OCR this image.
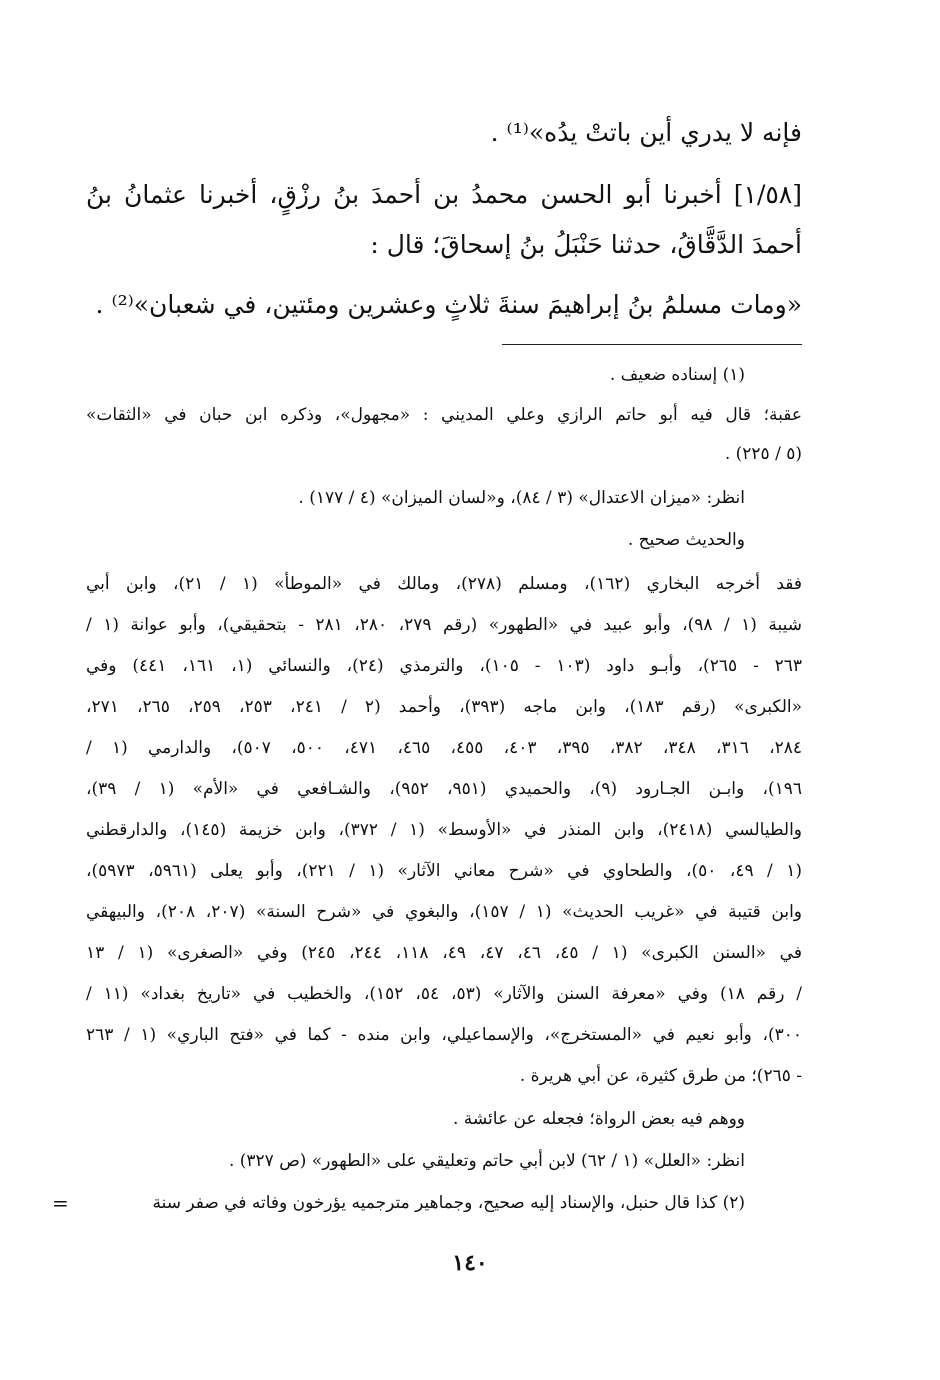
فإنه لا يدري أين باتتْ يدُه»⁽¹⁾ .
[١/٥٨] أخبرنا أبو الحسن محمدُ بن أحمدَ بنُ رزْقٍ، أخبرنا عثمانُ بنُ
أحمدَ الدَّقَّاقُ، حدثنا حَنْبَلُ بنُ إسحاقَ؛ قال :
«ومات مسلمُ بنُ إبراهيمَ سنةَ ثلاثٍ وعشرين ومئتين، في شعبان»⁽²⁾ .
(١) إسناده ضعيف .
عقبة؛ قال فيه أبو حاتم الرازي وعلي المديني : «مجهول»، وذكره ابن حبان في «الثقات»
(٥ / ٢٢٥) .
انظر: «ميزان الاعتدال» (٣ / ٨٤)، و«لسان الميزان» (٤ / ١٧٧) .
والحديث صحيح .
فقد أخرجه البخاري (١٦٢)، ومسلم (٢٧٨)، ومالك في «الموطأ» (١ / ٢١)، وابن أبي
شيبة (١ / ٩٨)، وأبو عبيد في «الطهور» (رقم ٢٧٩، ٢٨٠، ٢٨١ - بتحقيقي)، وأبو عوانة (١ /
٢٦٣ - ٢٦٥)، وأبـو داود (١٠٣ - ١٠٥)، والترمذي (٢٤)، والنسائي (١، ١٦١، ٤٤١) وفي
«الكبرى» (رقم ١٨٣)، وابن ماجه (٣٩٣)، وأحمد (٢ / ٢٤١، ٢٥٣، ٢٥٩، ٢٦٥، ٢٧١،
٢٨٤، ٣١٦، ٣٤٨، ٣٨٢، ٣٩٥، ٤٠٣، ٤٥٥، ٤٦٥، ٤٧١، ٥٠٠، ٥٠٧)، والدارمي (١ /
١٩٦)، وابـن الجـارود (٩)، والحميدي (٩٥١، ٩٥٢)، والشـافعي في «الأم» (١ / ٣٩)،
والطيالسي (٢٤١٨)، وابن المنذر في «الأوسط» (١ / ٣٧٢)، وابن خزيمة (١٤٥)، والدارقطني
(١ / ٤٩، ٥٠)، والطحاوي في «شرح معاني الآثار» (١ / ٢٢١)، وأبو يعلى (٥٩٦١، ٥٩٧٣)،
وابن قتيبة في «غريب الحديث» (١ / ١٥٧)، والبغوي في «شرح السنة» (٢٠٧، ٢٠٨)، والبيهقي
في «السنن الكبرى» (١ / ٤٥، ٤٦، ٤٧، ٤٩، ١١٨، ٢٤٤، ٢٤٥) وفي «الصغرى» (١ / ١٣
/ رقم ١٨) وفي «معرفة السنن والآثار» (٥٣، ٥٤، ١٥٢)، والخطيب في «تاريخ بغداد» (١١ /
٣٠٠)، وأبو نعيم في «المستخرج»، والإسماعيلي، وابن منده - كما في «فتح الباري» (١ / ٢٦٣
- ٢٦٥)؛ من طرق كثيرة، عن أبي هريرة .
ووهم فيه بعض الرواة؛ فجعله عن عائشة .
انظر: «العلل» (١ / ٦٢) لابن أبي حاتم وتعليقي على «الطهور» (ص ٣٢٧) .
(٢) كذا قال حنبل، والإسناد إليه صحيح، وجماهير مترجميه يؤرخون وفاته في صفر سنة
=
١٤٠
